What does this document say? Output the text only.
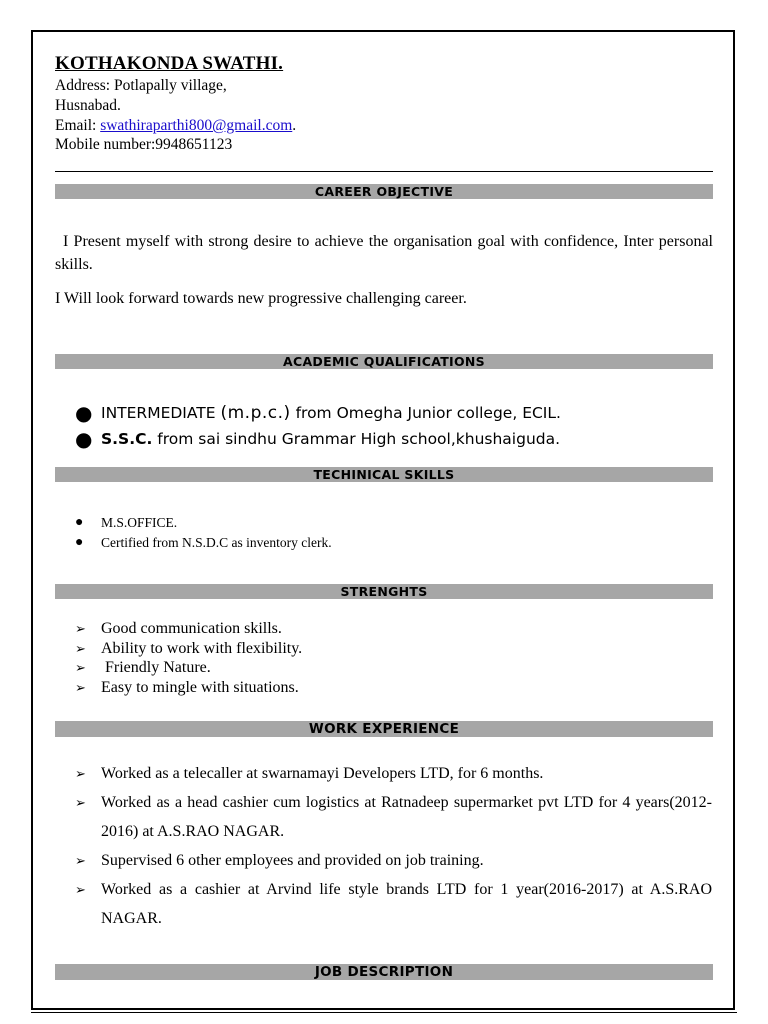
KOTHAKONDA SWATHI.
Address: Potlapally village,
Husnabad.
Email: swathiraparthi800@gmail.com.
Mobile number:9948651123
CAREER OBJECTIVE
I Present myself with strong desire to achieve the organisation goal with confidence, Inter personal skills.
I Will look forward towards new progressive challenging career.
ACADEMIC QUALIFICATIONS
● INTERMEDIATE (m.p.c.) from Omegha Junior college, ECIL.
● S.S.C. from sai sindhu Grammar High school,khushaiguda.
TECHINICAL SKILLS
● M.S.OFFICE.
● Certified from N.S.D.C as inventory clerk.
STRENGHTS
➢ Good communication skills.
➢ Ability to work with flexibility.
➢ Friendly Nature.
➢ Easy to mingle with situations.
WORK EXPERIENCE
➢ Worked as a telecaller at swarnamayi Developers LTD, for 6 months.
➢ Worked as a head cashier cum logistics at Ratnadeep supermarket pvt LTD for 4 years(2012-2016) at A.S.RAO NAGAR.
➢ Supervised 6 other employees and provided on job training.
➢ Worked as a cashier at Arvind life style brands LTD for 1 year(2016-2017) at A.S.RAO NAGAR.
JOB DESCRIPTION
